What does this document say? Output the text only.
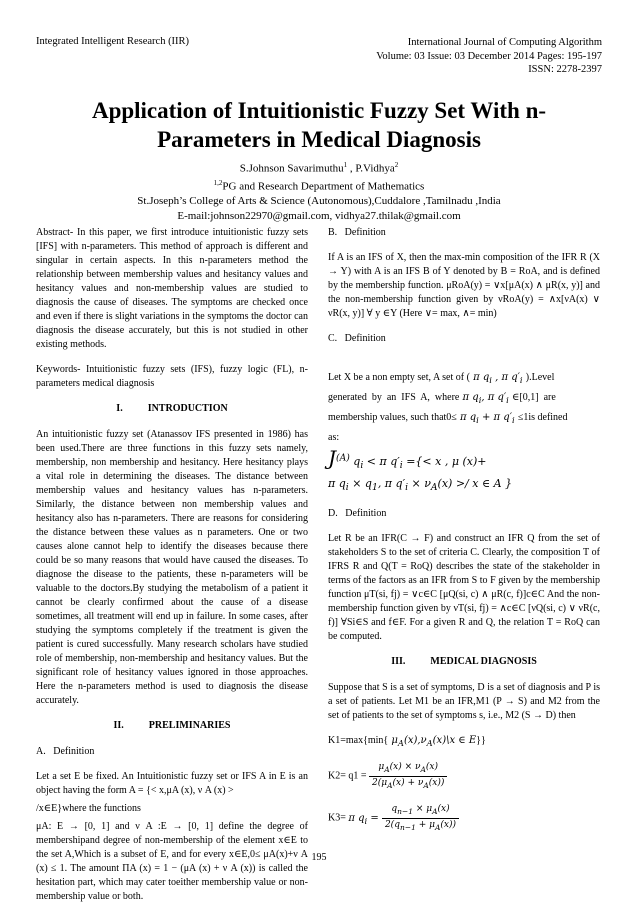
Integrated Intelligent Research (IIR)	International Journal of Computing Algorithm
Volume: 03 Issue: 03 December 2014 Pages: 195-197
ISSN: 2278-2397
Application of Intuitionistic Fuzzy Set With n-
Parameters in Medical Diagnosis
S.Johnson Savarimuthu$^1$ , P.Vidhya$^2$
$^{1,2}$PG and Research Department of Mathematics
St.Joseph’s College of Arts & Science (Autonomous),Cuddalore ,Tamilnadu ,India
E-mail:johnson22970@gmail.com, vidhya27.thilak@gmail.com

Abstract- In this paper, we first introduce intuitionistic fuzzy sets [IFS] with n-parameters. This method of approach is different and singular in certain aspects. In this n-parameters method the relationship between membership values and hesitancy values and hesitancy values and non-membership values are studied to diagnosis the cause of diseases. The symptoms are checked once and even if there is slight variations in the symptoms the doctor can diagnosis the disease accurately, but this is not studied in other existing methods.

Keywords- Intuitionistic fuzzy sets (IFS), fuzzy logic (FL), n-parameters medical diagnosis

I.          INTRODUCTION

An intuitionistic fuzzy set (Atanassov IFS presented in 1986) has been used.There are three functions in this fuzzy sets namely, membership, non membership and hesitancy. Here hesitancy plays a vital role in determining the diseases. The distance between membership values and hesitancy values has n-parameters. Similarly, the distance between non membership values and hesitancy also has n-parameters. There are reasons for considering the distance between these values as n parameters. One or two causes alone cannot help to identify the diseases because there could be so many reasons that would have caused the diseases. To diagnose the disease to the patients, these n-parameters will be valuable to the doctors.By studying the metabolism of a patient it cannot be clearly confirmed about the cause of a disease sometimes, all treatment will end up in failure. In some cases, after studying the symptoms completely if the treatment is given the patient is cured successfully. Many research scholars have studied role of membership, non-membership and hesitancy values. But the significant role of hesitancy values ignored in those approaches. Here the n-parameters method is used to diagnosis the disease accurately.

II.          PRELIMINARIES
A.   Definition

Let a set E be fixed. An Intuitionistic fuzzy set or IFS A in E is an object having the form A = {< x,μA (x), ν A (x) >

/x∈E}where the functions

μA: E → [0, 1] and ν A :E → [0, 1] define the degree of membershipand degree of non-membership of the element x∈E to the set A,Which is a subset of E, and for every x∈E,0≤ μA(x)+ν A (x) ≤ 1. The amount ΠA (x) = 1 − (μA (x) + ν A (x)) is called the hesitation part, which may cater toeither membership value or non-membership value or both.

B.   Definition

If A is an IFS of X, then the max-min composition of the IFR R (X → Y) with A is an IFS B of Y denoted by B = RoA, and is defined by the membership function. μRoA(y) = ∨x[μA(x) ∧ μR(x, y)] and the non-membership function given by νRoA(y) = ∧x[νA(x) ∨ νR(x, y)] ∀ y ∈Y (Here ∨= max, ∧= min)

C.   Definition

Let X be a non empty set, A set of ( π $q_i$ , π $q'_i$ ).Level

generated  by  an  IFS  A,  where π $q_i$, π $q'_i$ ∈[0,1]  are

membership values, such that0≤ π $q_i + \pi$ $q'_i \le 1is$ defined

as:

$J^{(A)}$ $q_i < \pi$ $q'_i$ ={< x , μ (x)+
π $q_i \times q_1$, π $q'_i \times \nu_A(x) >/ x$ ∈ A }
D.   Definition

Let R be an IFR(C → F) and construct an IFR Q from the set of stakeholders S to the set of criteria C. Clearly, the composition T of IFRS R and Q(T = RoQ) describes the state of the stakeholder in terms of the factors as an IFR from S to F given by the membership function μT(si, fj) = ∨c∈C [μQ(si, c) ∧ μR(c, f)]c∈C And the non-membership function given by νT(si, fj) = ∧c∈C [νQ(si, c) ∨ νR(c, f)] ∀Si∈S and f∈F. For a given R and Q, the relation T = RoQ can be computed.

III.          MEDICAL DIAGNOSIS

Suppose that S is a set of symptoms, D is a set of diagnosis and P is a set of patients. Let M1 be an IFR,M1 (P → S) and M2 from the set of patients to the set of symptoms s, i.e., M2 (S → D) then

K1=max{min{ $\mu_A(x),\nu_A(x)\backslash x$ ∈ E}}

$K2= q1 = \frac{\mu_A(x) \times \nu_A(x)}{2(\mu_A(x) + \nu_A(x))}$

K3= π $q_i = \frac{q_{n-1} \times \mu_A(x)}{2(q_{n-1} + \mu_A(x))}$

195
